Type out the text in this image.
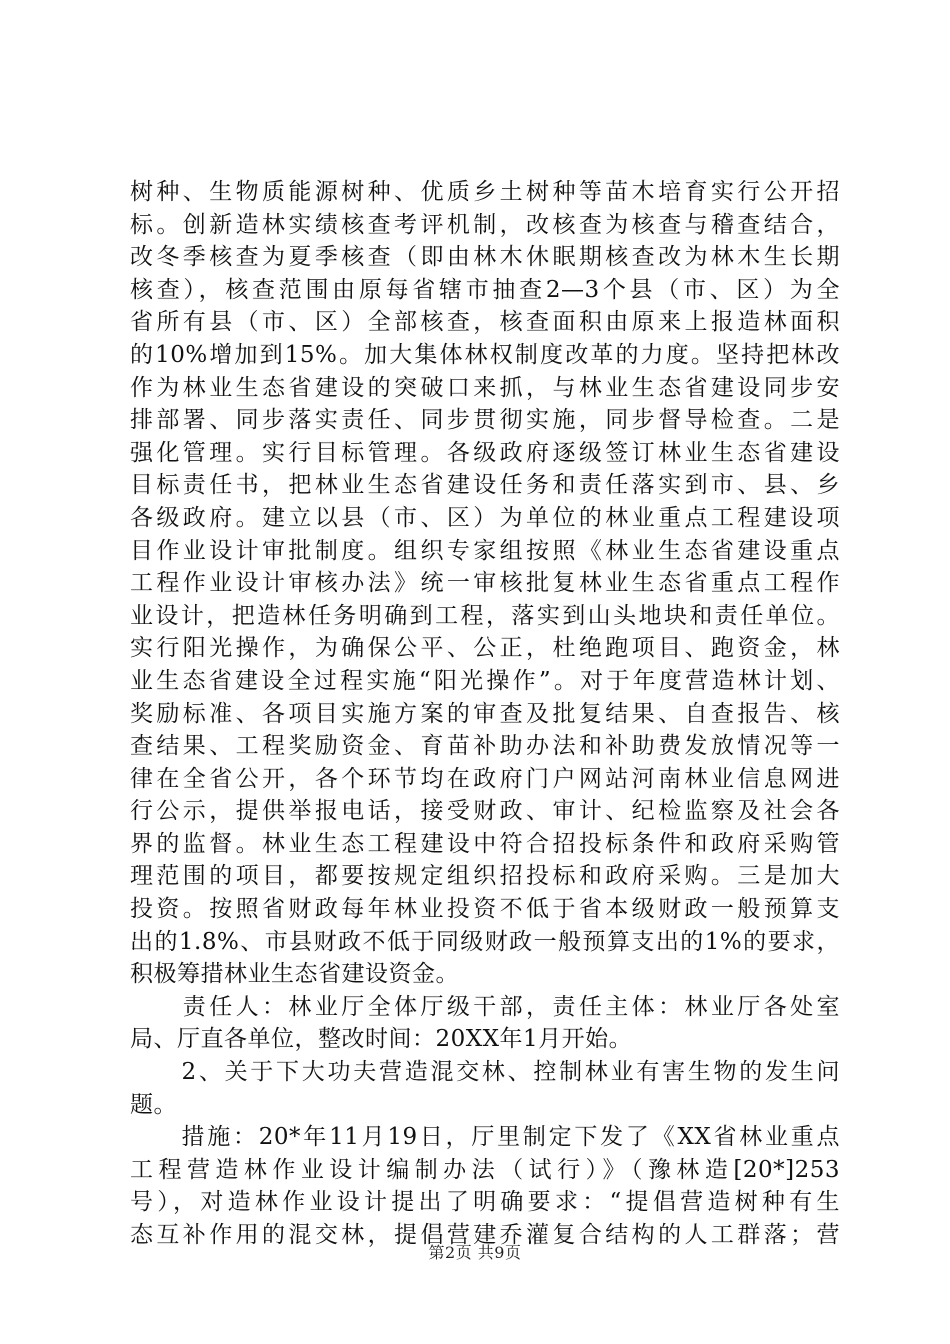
树种、生物质能源树种、优质乡土树种等苗木培育实行公开招
标。创新造林实绩核查考评机制，改核查为核查与稽查结合，
改冬季核查为夏季核查（即由林木休眠期核查改为林木生长期
核查），核查范围由原每省辖市抽查2—3个县（市、区）为全
省所有县（市、区）全部核查，核查面积由原来上报造林面积
的10%增加到15%。加大集体林权制度改革的力度。坚持把林改
作为林业生态省建设的突破口来抓，与林业生态省建设同步安
排部署、同步落实责任、同步贯彻实施，同步督导检查。二是
强化管理。实行目标管理。各级政府逐级签订林业生态省建设
目标责任书，把林业生态省建设任务和责任落实到市、县、乡
各级政府。建立以县（市、区）为单位的林业重点工程建设项
目作业设计审批制度。组织专家组按照《林业生态省建设重点
工程作业设计审核办法》统一审核批复林业生态省重点工程作
业设计，把造林任务明确到工程，落实到山头地块和责任单位。
实行阳光操作，为确保公平、公正，杜绝跑项目、跑资金，林
业生态省建设全过程实施“阳光操作”。对于年度营造林计划、
奖励标准、各项目实施方案的审查及批复结果、自查报告、核
查结果、工程奖励资金、育苗补助办法和补助费发放情况等一
律在全省公开，各个环节均在政府门户网站河南林业信息网进
行公示，提供举报电话，接受财政、审计、纪检监察及社会各
界的监督。林业生态工程建设中符合招投标条件和政府采购管
理范围的项目，都要按规定组织招投标和政府采购。三是加大
投资。按照省财政每年林业投资不低于省本级财政一般预算支
出的1.8%、市县财政不低于同级财政一般预算支出的1%的要求，
积极筹措林业生态省建设资金。
　　责任人：林业厅全体厅级干部，责任主体：林业厅各处室
局、厅直各单位，整改时间：20XX年1月开始。
　　2、关于下大功夫营造混交林、控制林业有害生物的发生问
题。
　　措施：20*年11月19日，厅里制定下发了《XX省林业重点
工程营造林作业设计编制办法（试行）》（豫林造[20*]253
号），对造林作业设计提出了明确要求：“提倡营造树种有生
态互补作用的混交林，提倡营建乔灌复合结构的人工群落；营
第2页 共9页
